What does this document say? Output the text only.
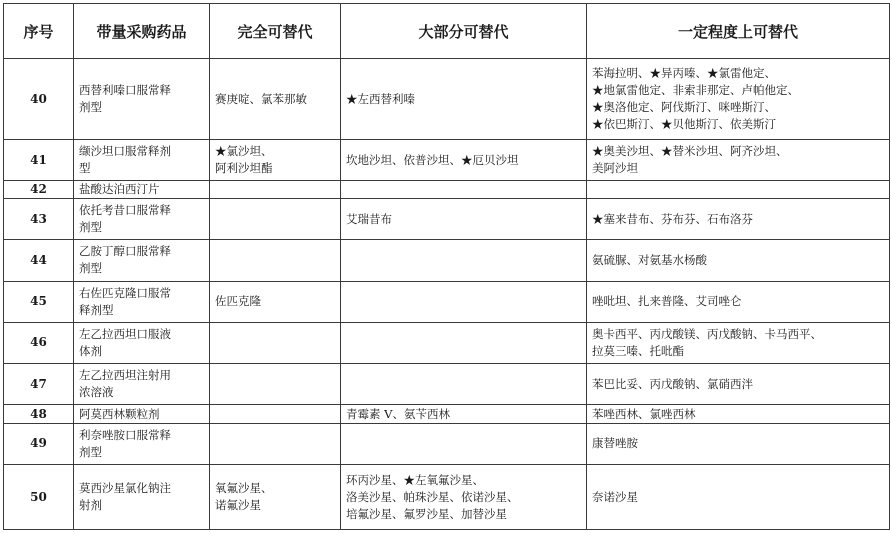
序号	带量采购药品	完全可替代	大部分可替代	一定程度上可替代
40	西替利嗪口服常释
剂型	赛庚啶、氯苯那敏	★左西替利嗪	苯海拉明、★异丙嗪、★氯雷他定、
★地氯雷他定、非索非那定、卢帕他定、
★奥洛他定、阿伐斯汀、咪唑斯汀、
★依巴斯汀、★贝他斯汀、依美斯汀

41	缬沙坦口服常释剂
型	★氯沙坦、
阿利沙坦酯	坎地沙坦、依普沙坦、★厄贝沙坦	★奥美沙坦、★替米沙坦、阿齐沙坦、
美阿沙坦

42	盐酸达泊西汀片			

43	依托考昔口服常释
剂型		艾瑞昔布	★塞来昔布、芬布芬、石布洛芬

44	乙胺丁醇口服常释
剂型			氨硫脲、对氨基水杨酸

45	右佐匹克隆口服常
释剂型	佐匹克隆		唑吡坦、扎来普隆、艾司唑仑

46	左乙拉西坦口服液
体剂			奥卡西平、丙戊酸镁、丙戊酸钠、卡马西平、
拉莫三嗪、托吡酯

47	左乙拉西坦注射用
浓溶液			苯巴比妥、丙戊酸钠、氯硝西泮

48	阿莫西林颗粒剂		青霉素 V、氨苄西林	苯唑西林、氯唑西林

49	利奈唑胺口服常释
剂型			康替唑胺

50	莫西沙星氯化钠注
射剂	氧氟沙星、
诺氟沙星	环丙沙星、★左氧氟沙星、
洛美沙星、帕珠沙星、依诺沙星、
培氟沙星、氟罗沙星、加替沙星	奈诺沙星
